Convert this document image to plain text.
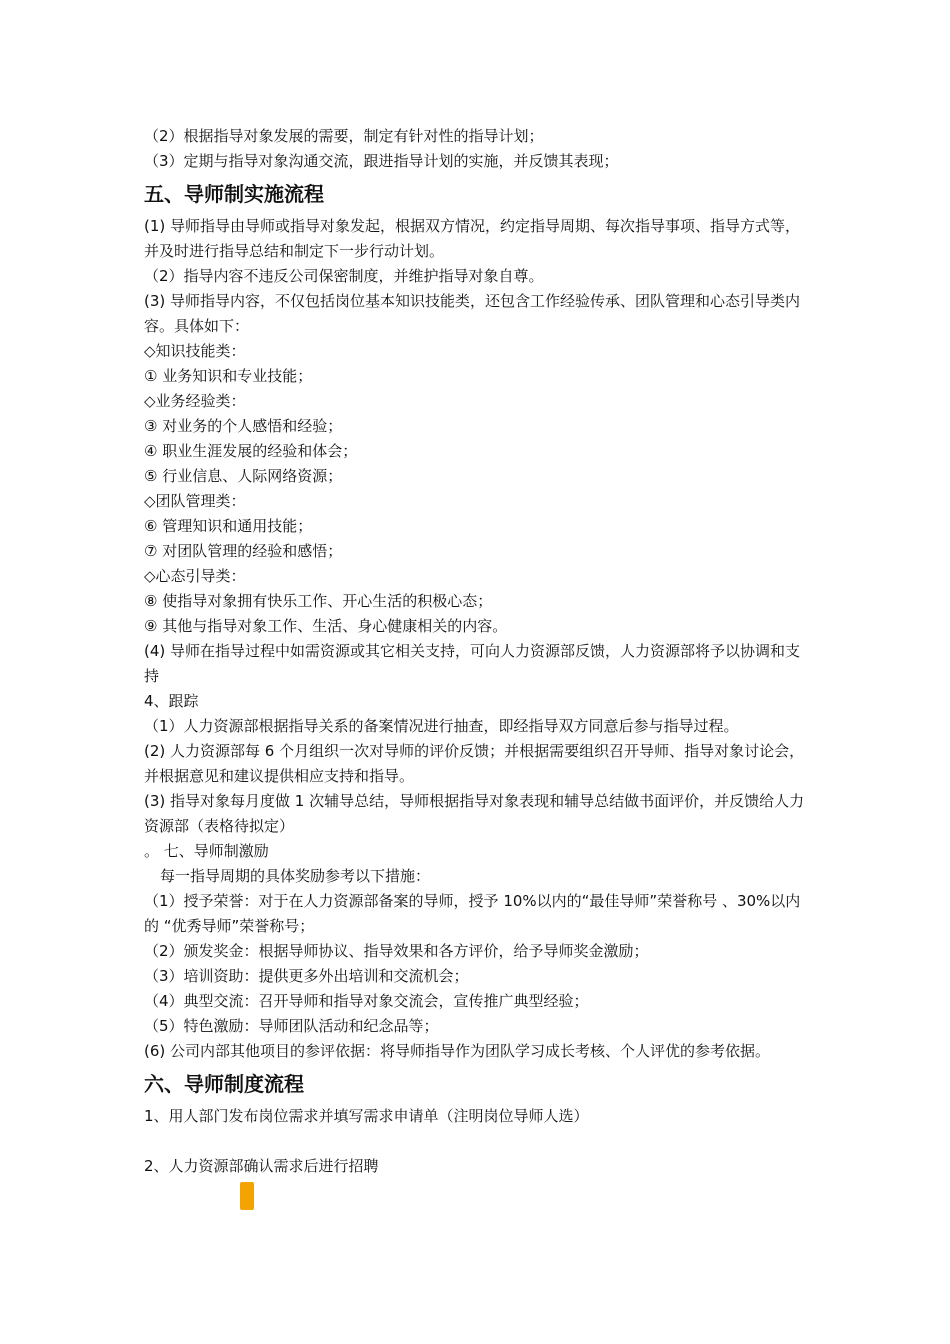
（2）根据指导对象发展的需要，制定有针对性的指导计划；
（3）定期与指导对象沟通交流，跟进指导计划的实施，并反馈其表现；
五、导师制实施流程
(1) 导师指导由导师或指导对象发起，根据双方情况，约定指导周期、每次指导事项、指导方式等，并及时进行指导总结和制定下一步行动计划。
（2）指导内容不违反公司保密制度，并维护指导对象自尊。
(3) 导师指导内容，不仅包括岗位基本知识技能类，还包含工作经验传承、团队管理和心态引导类内容。具体如下：
◇知识技能类：
① 业务知识和专业技能；
◇业务经验类：
③ 对业务的个人感悟和经验；
④ 职业生涯发展的经验和体会；
⑤ 行业信息、人际网络资源；
◇团队管理类：
⑥ 管理知识和通用技能；
⑦ 对团队管理的经验和感悟；
◇心态引导类：
⑧ 使指导对象拥有快乐工作、开心生活的积极心态；
⑨ 其他与指导对象工作、生活、身心健康相关的内容。
(4) 导师在指导过程中如需资源或其它相关支持，可向人力资源部反馈，人力资源部将予以协调和支持
4、跟踪
（1）人力资源部根据指导关系的备案情况进行抽查，即经指导双方同意后参与指导过程。
(2) 人力资源部每 6 个月组织一次对导师的评价反馈；并根据需要组织召开导师、指导对象讨论会，并根据意见和建议提供相应支持和指导。
(3) 指导对象每月度做 1 次辅导总结，导师根据指导对象表现和辅导总结做书面评价，并反馈给人力资源部（表格待拟定）
。 七、导师制激励
每一指导周期的具体奖励参考以下措施：
（1）授予荣誉：对于在人力资源部备案的导师，授予 10%以内的“最佳导师”荣誉称号 、30%以内的 “优秀导师”荣誉称号；
（2）颁发奖金：根据导师协议、指导效果和各方评价，给予导师奖金激励；
（3）培训资助：提供更多外出培训和交流机会；
（4）典型交流：召开导师和指导对象交流会，宣传推广典型经验；
（5）特色激励：导师团队活动和纪念品等；
(6) 公司内部其他项目的参评依据：将导师指导作为团队学习成长考核、个人评优的参考依据。
六、导师制度流程
1、用人部门发布岗位需求并填写需求申请单（注明岗位导师人选）
2、人力资源部确认需求后进行招聘
